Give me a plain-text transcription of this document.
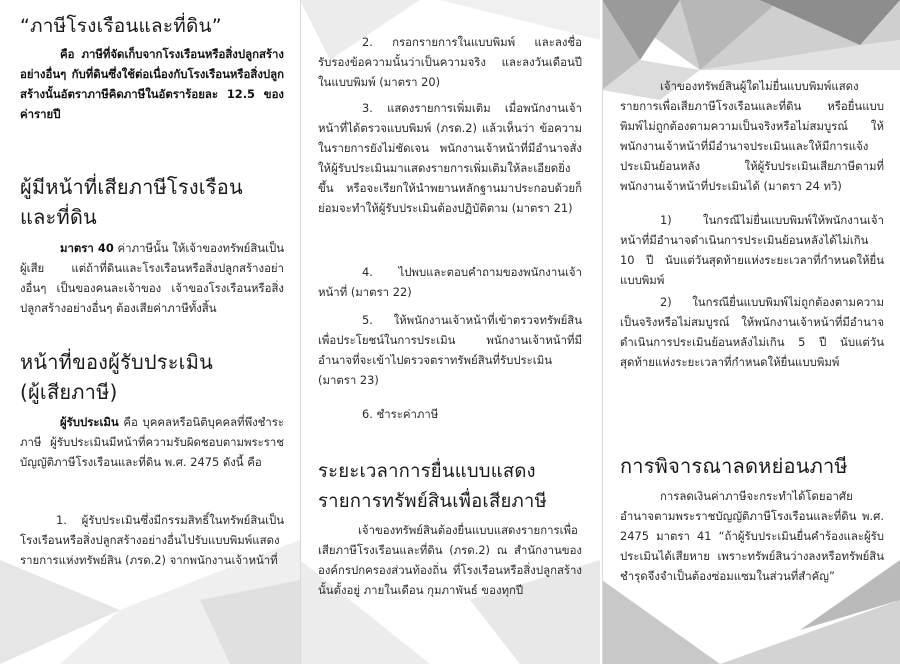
“ภาษีโรงเรือนและที่ดิน”
คือ ภาษีที่จัดเก็บจากโรงเรือนหรือสิ่งปลูกสร้างอย่างอื่นๆ กับที่ดินซึ่งใช้ต่อเนื่องกับโรงเรือนหรือสิ่งปลูกสร้างนั้นอัตราภาษีคิดภาษีในอัตราร้อยละ 12.5 ของค่ารายปี
ผู้มีหน้าที่เสียภาษีโรงเรือน
และที่ดิน
มาตรา 40 ค่าภาษีนั้น ให้เจ้าของทรัพย์สินเป็นผู้เสีย แต่ถ้าที่ดินและโรงเรือนหรือสิ่งปลูกสร้างอย่างอื่นๆ เป็นของคนละเจ้าของ เจ้าของโรงเรือนหรือสิ่งปลูกสร้างอย่างอื่นๆ ต้องเสียค่าภาษีทั้งสิ้น
หน้าที่ของผู้รับประเมิน
(ผู้เสียภาษี)
ผู้รับประเมิน คือ บุคคลหรือนิติบุคคลที่พึงชำระภาษี ผู้รับประเมินมีหน้าที่ความรับผิดชอบตามพระราชบัญญัติภาษีโรงเรือนและที่ดิน พ.ศ. 2475 ดังนี้ คือ
1. ผู้รับประเมินซึ่งมีกรรมสิทธิ์ในทรัพย์สินเป็นโรงเรือนหรือสิ่งปลูกสร้างอย่างอื่นไปรับแบบพิมพ์แสดงรายการแห่งทรัพย์สิน (ภรด.2) จากพนักงานเจ้าหน้าที่
2. กรอกรายการในแบบพิมพ์ และลงชื่อรับรองข้อความนั้นว่าเป็นความจริง และลงวันเดือนปีในแบบพิมพ์ (มาตรา 20)
3. แสดงรายการเพิ่มเติม เมื่อพนักงานเจ้าหน้าที่ได้ตรวจแบบพิมพ์ (ภรด.2) แล้วเห็นว่า ข้อความในรายการยังไม่ชัดเจน พนักงานเจ้าหน้าที่มีอำนาจสั่งให้ผู้รับประเมินมาแสดงรายการเพิ่มเติมให้ละเอียดยิ่งขึ้น หรือจะเรียกให้นำพยานหลักฐานมาประกอบด้วยก็ย่อมจะทำให้ผู้รับประเมินต้องปฏิบัติตาม (มาตรา 21)
4. ไปพบและตอบคำถามของพนักงานเจ้าหน้าที่ (มาตรา 22)
5. ให้พนักงานเจ้าหน้าที่เข้าตรวจทรัพย์สินเพื่อประโยชน์ในการประเมิน พนักงานเจ้าหน้าที่มีอำนาจที่จะเข้าไปตรวจตราทรัพย์สินที่รับประเมิน (มาตรา 23)
6. ชำระค่าภาษี
ระยะเวลาการยื่นแบบแสดง
รายการทรัพย์สินเพื่อเสียภาษี
เจ้าของทรัพย์สินต้องยื่นแบบแสดงรายการเพื่อเสียภาษีโรงเรือนและที่ดิน (ภรด.2) ณ สำนักงานขององค์กรปกครองส่วนท้องถิ่น ที่โรงเรือนหรือสิ่งปลูกสร้างนั้นตั้งอยู่ ภายในเดือน กุมภาพันธ์ ของทุกปี
เจ้าของทรัพย์สินผู้ใดไม่ยื่นแบบพิมพ์แสดงรายการเพื่อเสียภาษีโรงเรือนและที่ดิน หรือยื่นแบบพิมพ์ไม่ถูกต้องตามความเป็นจริงหรือไม่สมบูรณ์ ให้พนักงานเจ้าหน้าที่มีอำนาจประเมินและให้มีการแจ้งประเมินย้อนหลัง ให้ผู้รับประเมินเสียภาษีตามที่พนักงานเจ้าหน้าที่ประเมินได้ (มาตรา 24 ทวิ)
1) ในกรณีไม่ยื่นแบบพิมพ์ให้พนักงานเจ้าหน้าที่มีอำนาจดำเนินการประเมินย้อนหลังได้ไม่เกิน 10 ปี นับแต่วันสุดท้ายแห่งระยะเวลาที่กำหนดให้ยื่นแบบพิมพ์
2) ในกรณียื่นแบบพิมพ์ไม่ถูกต้องตามความเป็นจริงหรือไม่สมบูรณ์ ให้พนักงานเจ้าหน้าที่มีอำนาจดำเนินการประเมินย้อนหลังไม่เกิน 5 ปี นับแต่วันสุดท้ายแห่งระยะเวลาที่กำหนดให้ยื่นแบบพิมพ์
การพิจารณาลดหย่อนภาษี
การลดเงินค่าภาษีจะกระทำได้โดยอาศัยอำนาจตามพระราชบัญญัติภาษีโรงเรือนและที่ดิน พ.ศ. 2475 มาตรา 41 “ถ้าผู้รับประเมินยื่นคำร้องและผู้รับประเมินได้เสียหาย เพราะทรัพย์สินว่างลงหรือทรัพย์สินชำรุดจึงจำเป็นต้องซ่อมแซมในส่วนที่สำคัญ”
